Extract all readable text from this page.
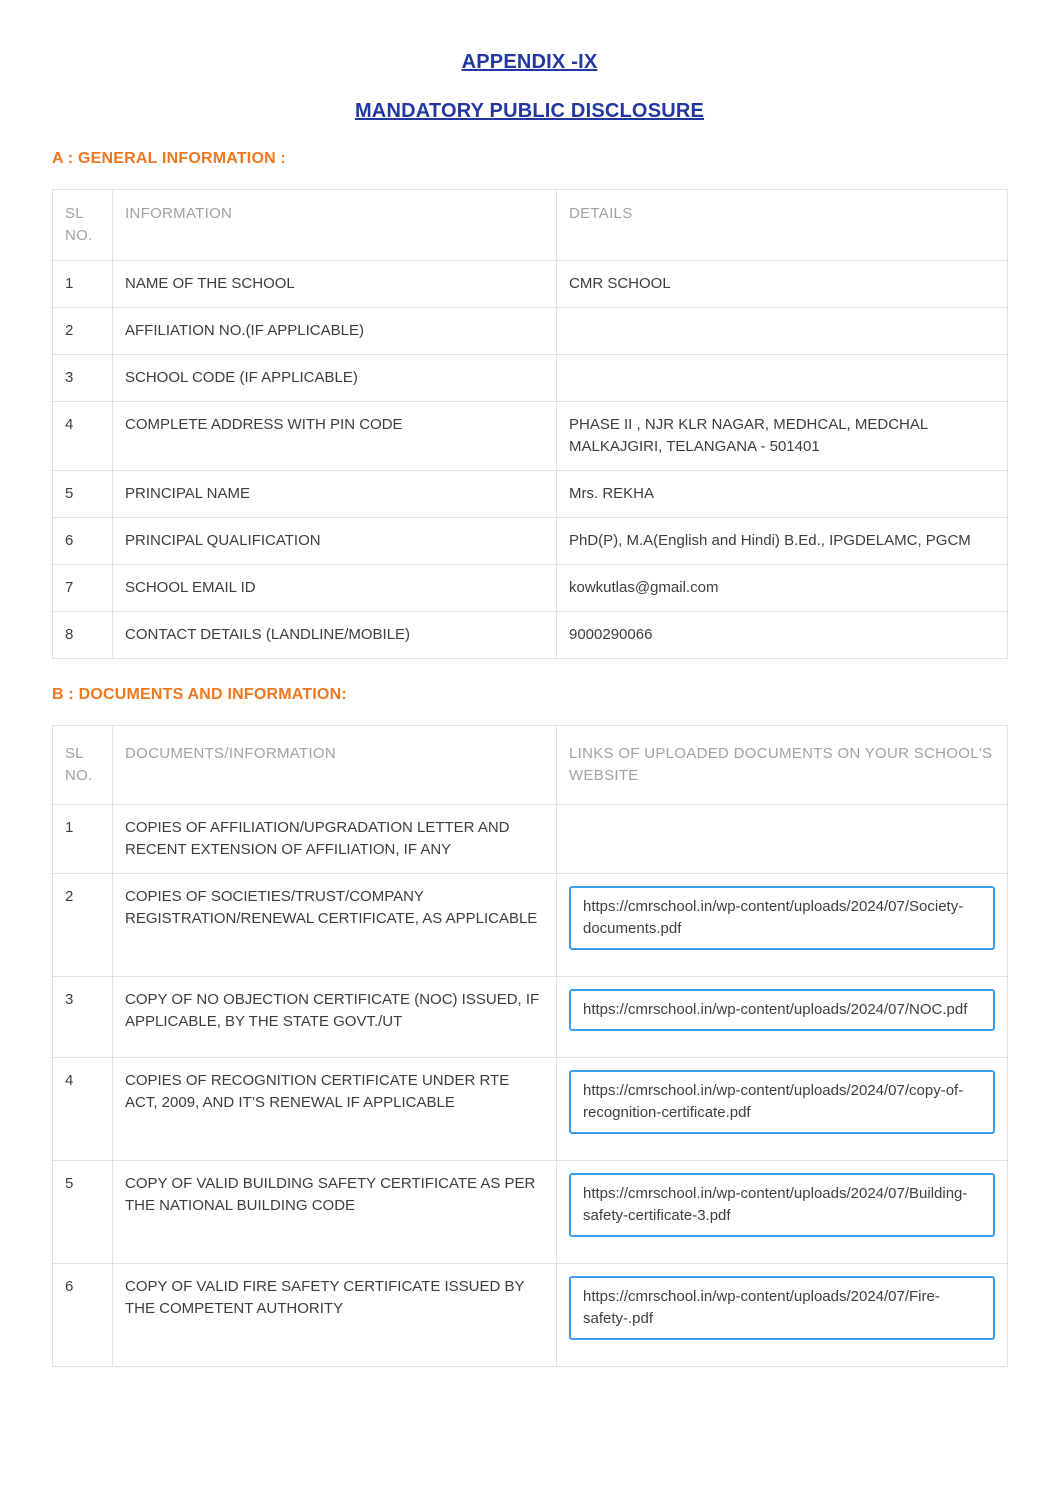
APPENDIX -IX
MANDATORY PUBLIC DISCLOSURE
A : GENERAL INFORMATION :
SL NO.	INFORMATION	DETAILS
1	NAME OF THE SCHOOL	CMR SCHOOL
2	AFFILIATION NO.(IF APPLICABLE)	
3	SCHOOL CODE (IF APPLICABLE)	
4	COMPLETE ADDRESS WITH PIN CODE	PHASE II , NJR KLR NAGAR, MEDHCAL, MEDCHAL MALKAJGIRI, TELANGANA - 501401
5	PRINCIPAL NAME	Mrs. REKHA
6	PRINCIPAL QUALIFICATION	PhD(P), M.A(English and Hindi) B.Ed., IPGDELAMC, PGCM
7	SCHOOL EMAIL ID	kowkutlas@gmail.com
8	CONTACT DETAILS (LANDLINE/MOBILE)	9000290066
B : DOCUMENTS AND INFORMATION:
SL NO.	DOCUMENTS/INFORMATION	LINKS OF UPLOADED DOCUMENTS ON YOUR SCHOOL'S WEBSITE
1	COPIES OF AFFILIATION/UPGRADATION LETTER AND RECENT EXTENSION OF AFFILIATION, IF ANY	
2	COPIES OF SOCIETIES/TRUST/COMPANY REGISTRATION/RENEWAL CERTIFICATE, AS APPLICABLE	https://cmrschool.in/wp-content/uploads/2024/07/Society-documents.pdf

3	COPY OF NO OBJECTION CERTIFICATE (NOC) ISSUED, IF APPLICABLE, BY THE STATE GOVT./UT	https://cmrschool.in/wp-content/uploads/2024/07/NOC.pdf

4	COPIES OF RECOGNITION CERTIFICATE UNDER RTE ACT, 2009, AND IT’S RENEWAL IF APPLICABLE	https://cmrschool.in/wp-content/uploads/2024/07/copy-of-recognition-certificate.pdf

5	COPY OF VALID BUILDING SAFETY CERTIFICATE AS PER THE NATIONAL BUILDING CODE	https://cmrschool.in/wp-content/uploads/2024/07/Building-safety-certificate-3.pdf

6	COPY OF VALID FIRE SAFETY CERTIFICATE ISSUED BY THE COMPETENT AUTHORITY	https://cmrschool.in/wp-content/uploads/2024/07/Fire-safety-.pdf
